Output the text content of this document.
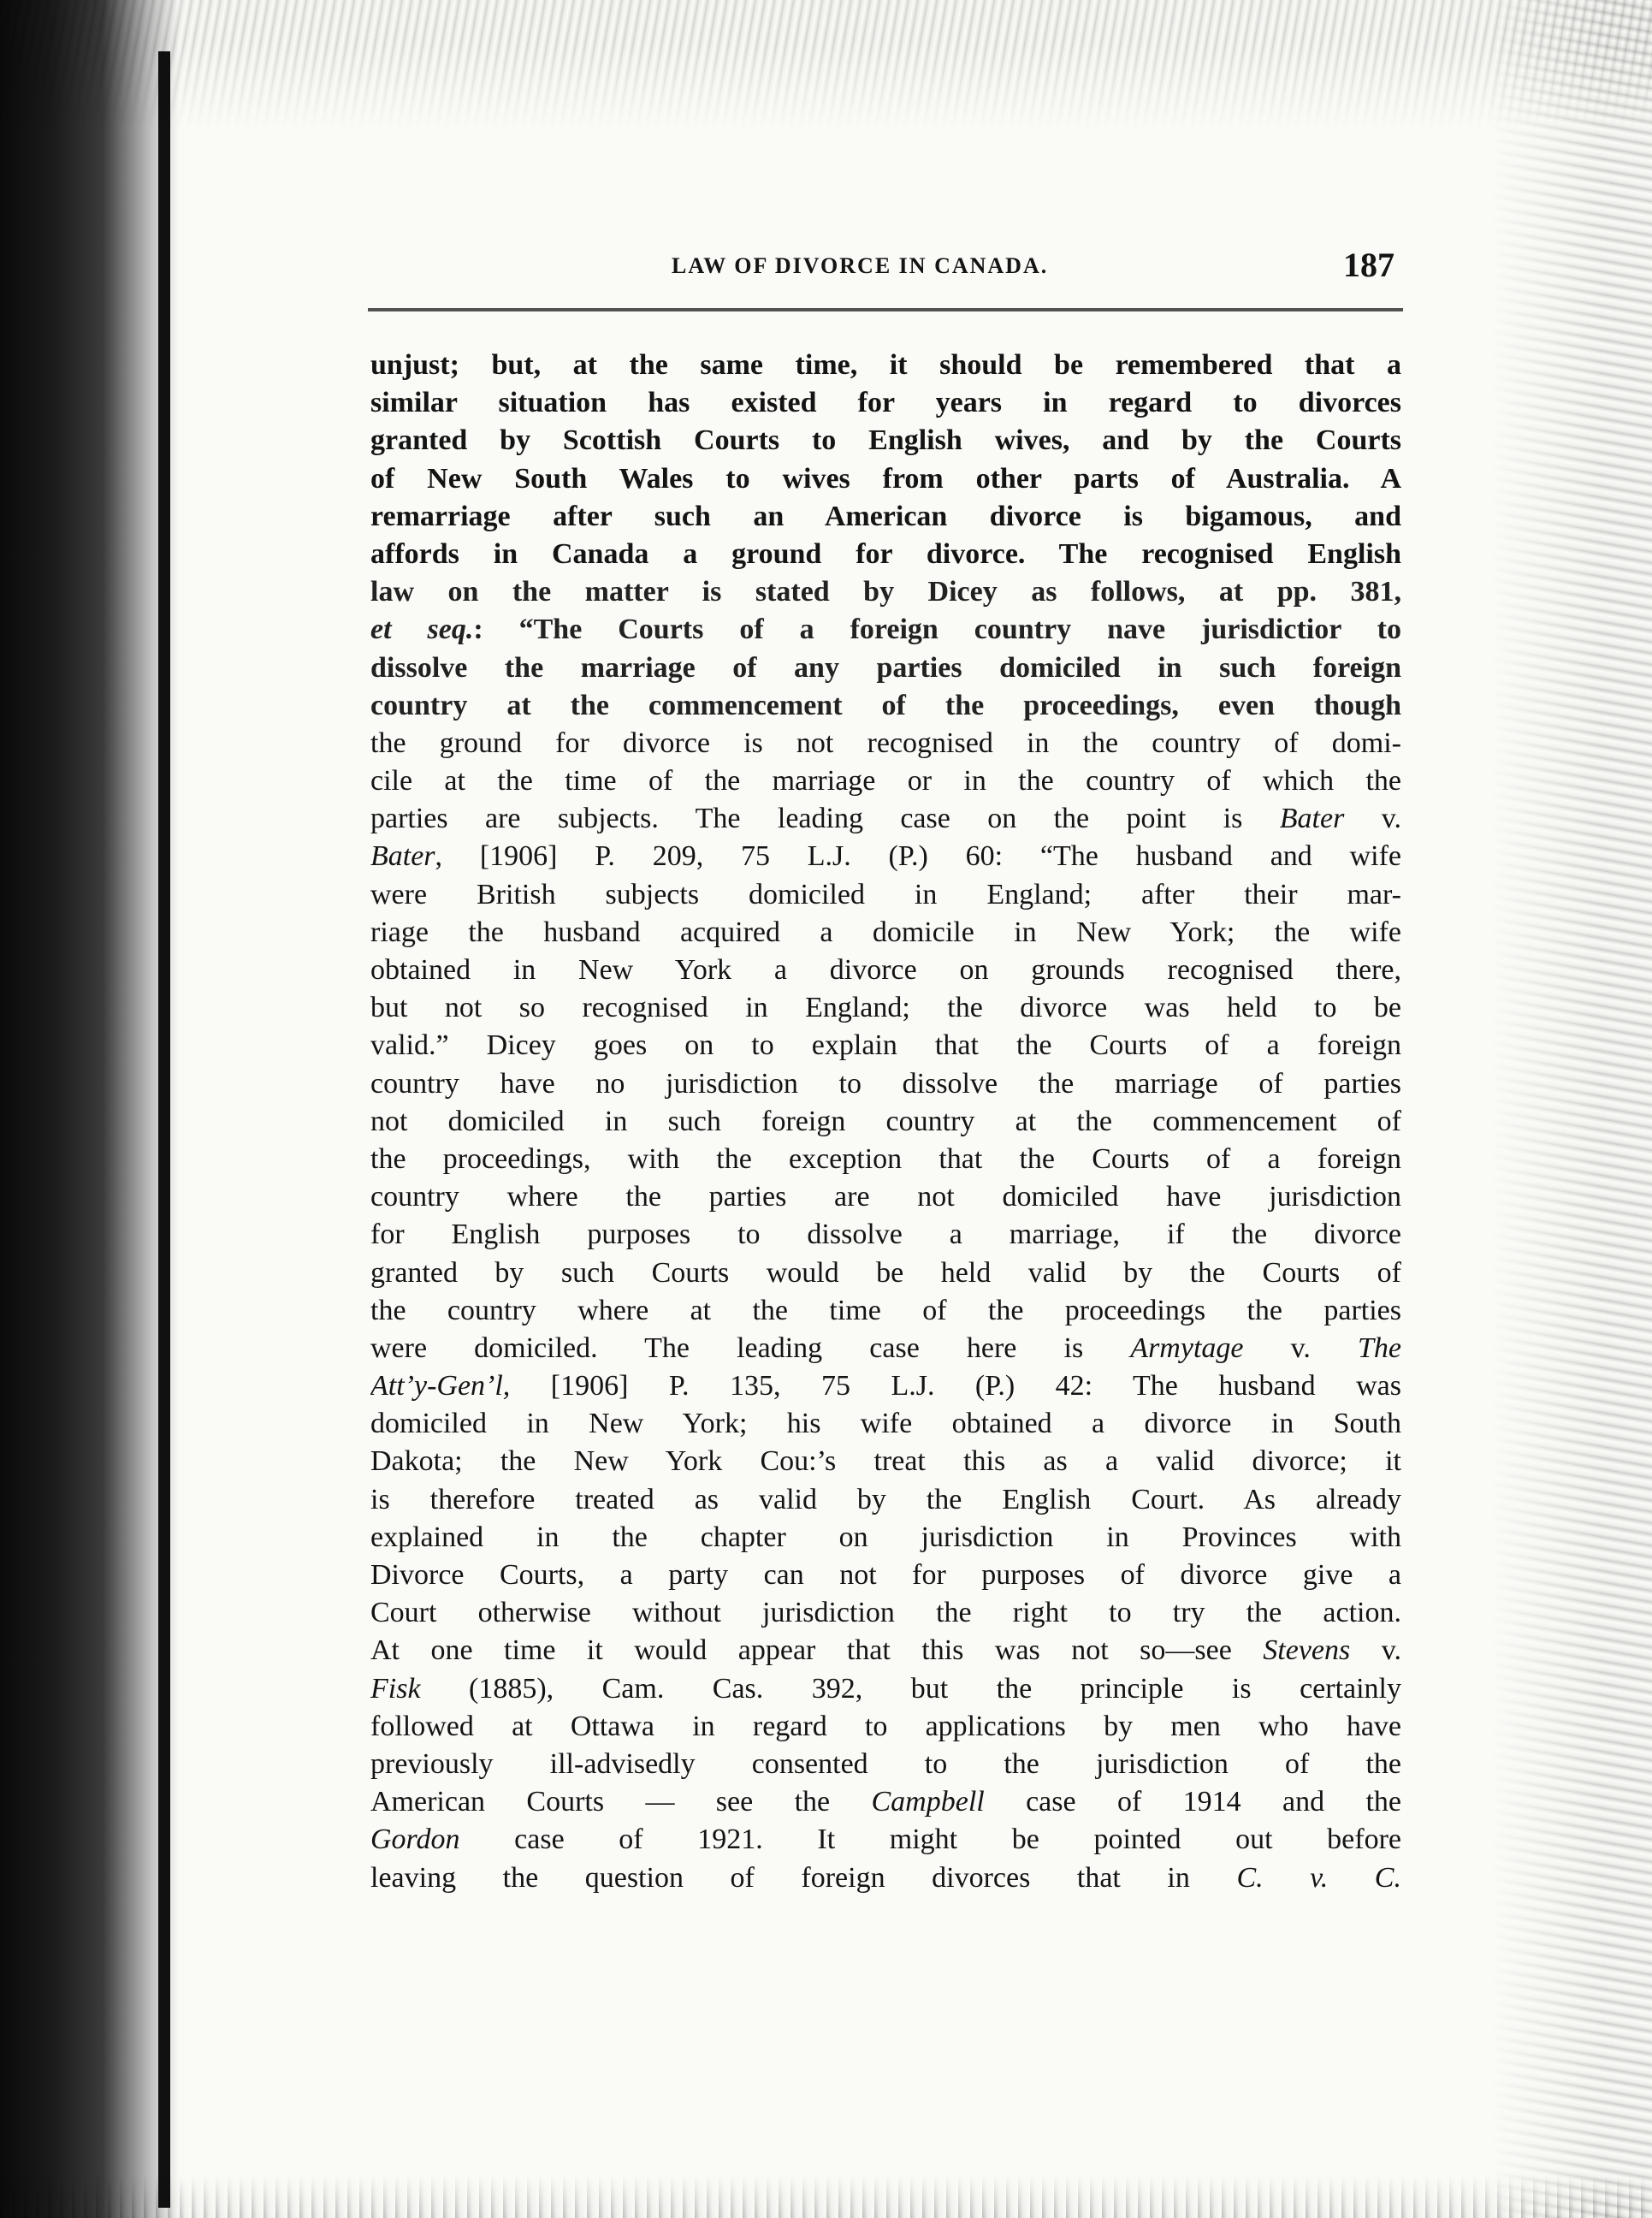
LAW OF DIVORCE IN CANADA.	187
unjust; but, at the same time, it should be remembered that a
similar situation has existed for years in regard to divorces
granted by Scottish Courts to English wives, and by the Courts
of New South Wales to wives from other parts of Australia. A
remarriage after such an American divorce is bigamous, and
affords in Canada a ground for divorce. The recognised English
law on the matter is stated by Dicey as follows, at pp. 381,
et seq.: “The Courts of a foreign country nave jurisdictior to
dissolve the marriage of any parties domiciled in such foreign
country at the commencement of the proceedings, even though
the ground for divorce is not recognised in the country of domi-
cile at the time of the marriage or in the country of which the
parties are subjects. The leading case on the point is Bater v.
Bater, [1906] P. 209, 75 L.J. (P.) 60: “The husband and wife
were British subjects domiciled in England; after their mar-
riage the husband acquired a domicile in New York; the wife
obtained in New York a divorce on grounds recognised there,
but not so recognised in England; the divorce was held to be
valid.” Dicey goes on to explain that the Courts of a foreign
country have no jurisdiction to dissolve the marriage of parties
not domiciled in such foreign country at the commencement of
the proceedings, with the exception that the Courts of a foreign
country where the parties are not domiciled have jurisdiction
for English purposes to dissolve a marriage, if the divorce
granted by such Courts would be held valid by the Courts of
the country where at the time of the proceedings the parties
were domiciled. The leading case here is Armytage v. The
Att’y-Gen’l, [1906] P. 135, 75 L.J. (P.) 42: The husband was
domiciled in New York; his wife obtained a divorce in South
Dakota; the New York Cou:’s treat this as a valid divorce; it
is therefore treated as valid by the English Court. As already
explained in the chapter on jurisdiction in Provinces with
Divorce Courts, a party can not for purposes of divorce give a
Court otherwise without jurisdiction the right to try the action.
At one time it would appear that this was not so—see Stevens v.
Fisk (1885), Cam. Cas. 392, but the principle is certainly
followed at Ottawa in regard to applications by men who have
previously ill-advisedly consented to the jurisdiction of the
American Courts — see the Campbell case of 1914 and the
Gordon case of 1921. It might be pointed out before
leaving the question of foreign divorces that in C. v. C.
